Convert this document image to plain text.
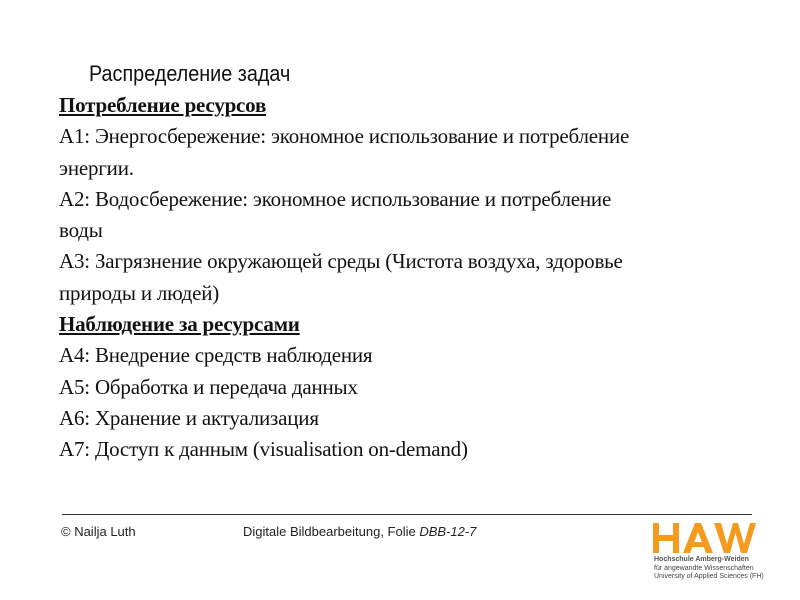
Распределение задач
Потребление ресурсов
A1: Энергосбережение: экономное использование и потребление
энергии.
A2: Водосбережение: экономное использование и потребление
воды
A3: Загрязнение окружающей среды (Чистота воздуха, здоровье
природы и людей)
Наблюдение за ресурсами
A4: Внедрение средств наблюдения
A5: Обработка и передача данных
A6: Хранение и актуализация
A7: Доступ к данным (visualisation on-demand)
© Nailja Luth	Digitale Bildbearbeitung, Folie DBB-12-7
Hochschule Amberg-Weiden
für angewandte Wissenschaften
University of Applied Sciences (FH)
